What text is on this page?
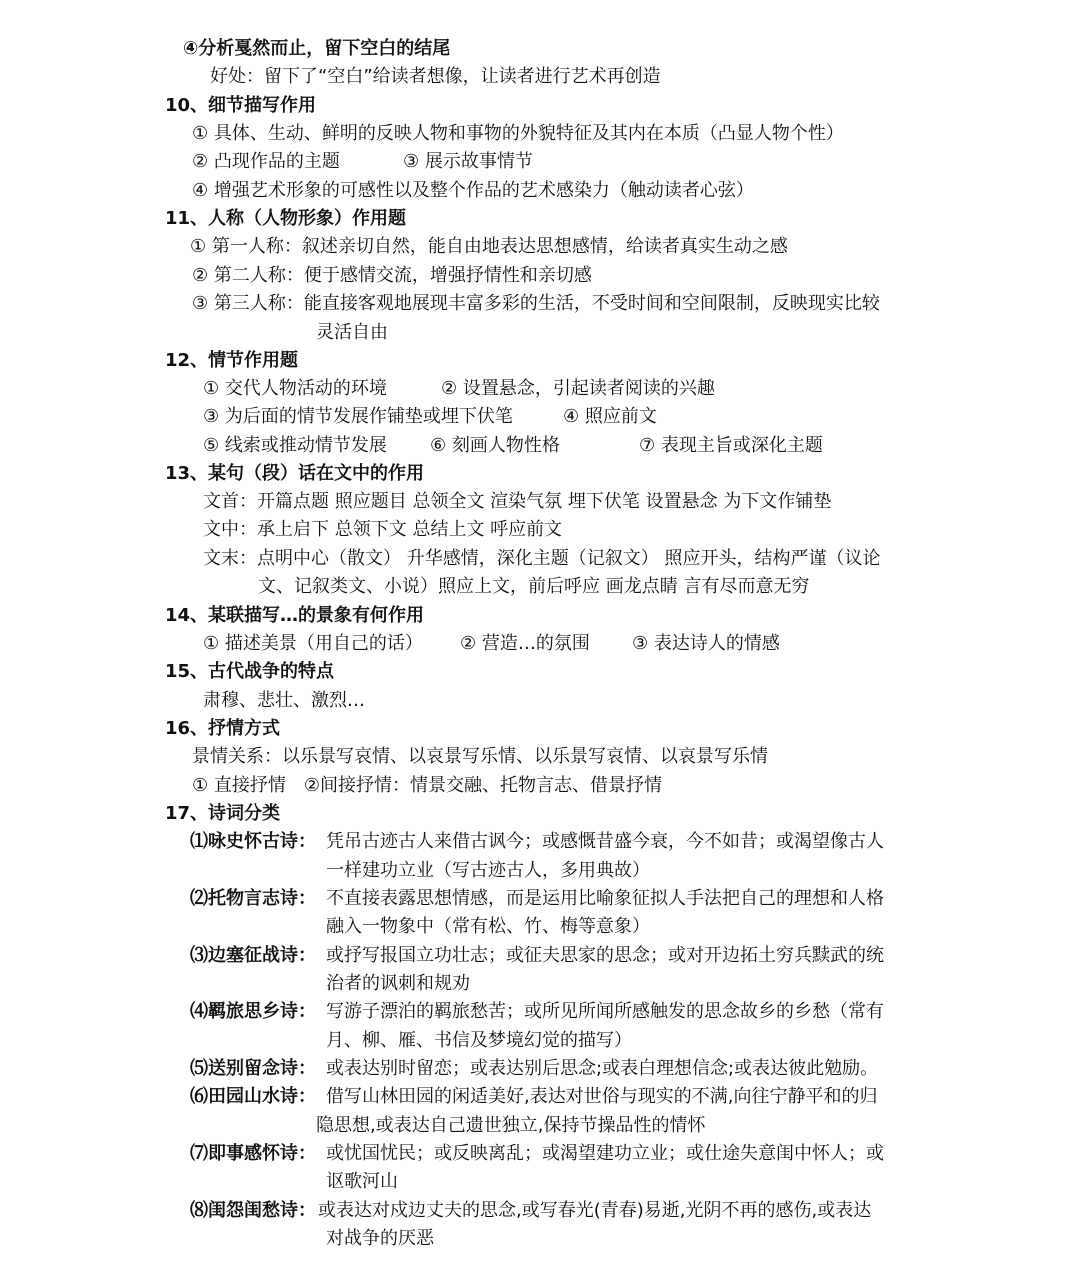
④分析戛然而止，留下空白的结尾
好处：留下了“空白”给读者想像，让读者进行艺术再创造
10、细节描写作用
① 具体、生动、鲜明的反映人物和事物的外貌特征及其内在本质（凸显人物个性）
② 凸现作品的主题	③ 展示故事情节
④ 增强艺术形象的可感性以及整个作品的艺术感染力（触动读者心弦）
11、人称（人物形象）作用题
① 第一人称：叙述亲切自然，能自由地表达思想感情，给读者真实生动之感
② 第二人称：便于感情交流，增强抒情性和亲切感
③ 第三人称：能直接客观地展现丰富多彩的生活，不受时间和空间限制，反映现实比较
灵活自由
12、情节作用题
① 交代人物活动的环境	② 设置悬念，引起读者阅读的兴趣
③ 为后面的情节发展作铺垫或埋下伏笔	④ 照应前文
⑤ 线索或推动情节发展 ⑥ 刻画人物性格	⑦ 表现主旨或深化主题
13、某句（段）话在文中的作用
文首：开篇点题 照应题目 总领全文 渲染气氛 埋下伏笔 设置悬念 为下文作铺垫
文中：承上启下 总领下文 总结上文 呼应前文
文末：点明中心（散文） 升华感情，深化主题（记叙文） 照应开头，结构严谨（议论
文、记叙类文、小说）照应上文，前后呼应 画龙点睛 言有尽而意无穷
14、某联描写…的景象有何作用
① 描述美景（用自己的话） ② 营造…的氛围 ③ 表达诗人的情感
15、古代战争的特点
肃穆、悲壮、激烈…
16、抒情方式
景情关系：以乐景写哀情、以哀景写乐情、以乐景写哀情、以哀景写乐情
① 直接抒情　②间接抒情：情景交融、托物言志、借景抒情
17、诗词分类
⑴咏史怀古诗： 凭吊古迹古人来借古讽今；或感慨昔盛今衰，今不如昔；或渴望像古人
一样建功立业（写古迹古人，多用典故）
⑵托物言志诗： 不直接表露思想情感，而是运用比喻象征拟人手法把自己的理想和人格
融入一物象中（常有松、竹、梅等意象）
⑶边塞征战诗： 或抒写报国立功壮志；或征夫思家的思念；或对开边拓土穷兵黩武的统
治者的讽刺和规劝
⑷羁旅思乡诗： 写游子漂泊的羁旅愁苦；或所见所闻所感触发的思念故乡的乡愁（常有
月、柳、雁、书信及梦境幻觉的描写）
⑸送别留念诗： 或表达别时留恋；或表达别后思念;或表白理想信念;或表达彼此勉励。
⑹田园山水诗： 借写山林田园的闲适美好,表达对世俗与现实的不满,向往宁静平和的归
隐思想,或表达自己遗世独立,保持节操品性的情怀
⑺即事感怀诗： 或忧国忧民；或反映离乱；或渴望建功立业；或仕途失意闺中怀人；或
讴歌河山
⑻闺怨闺愁诗： 或表达对戍边丈夫的思念,或写春光(青春)易逝,光阴不再的感伤,或表达
对战争的厌恶
